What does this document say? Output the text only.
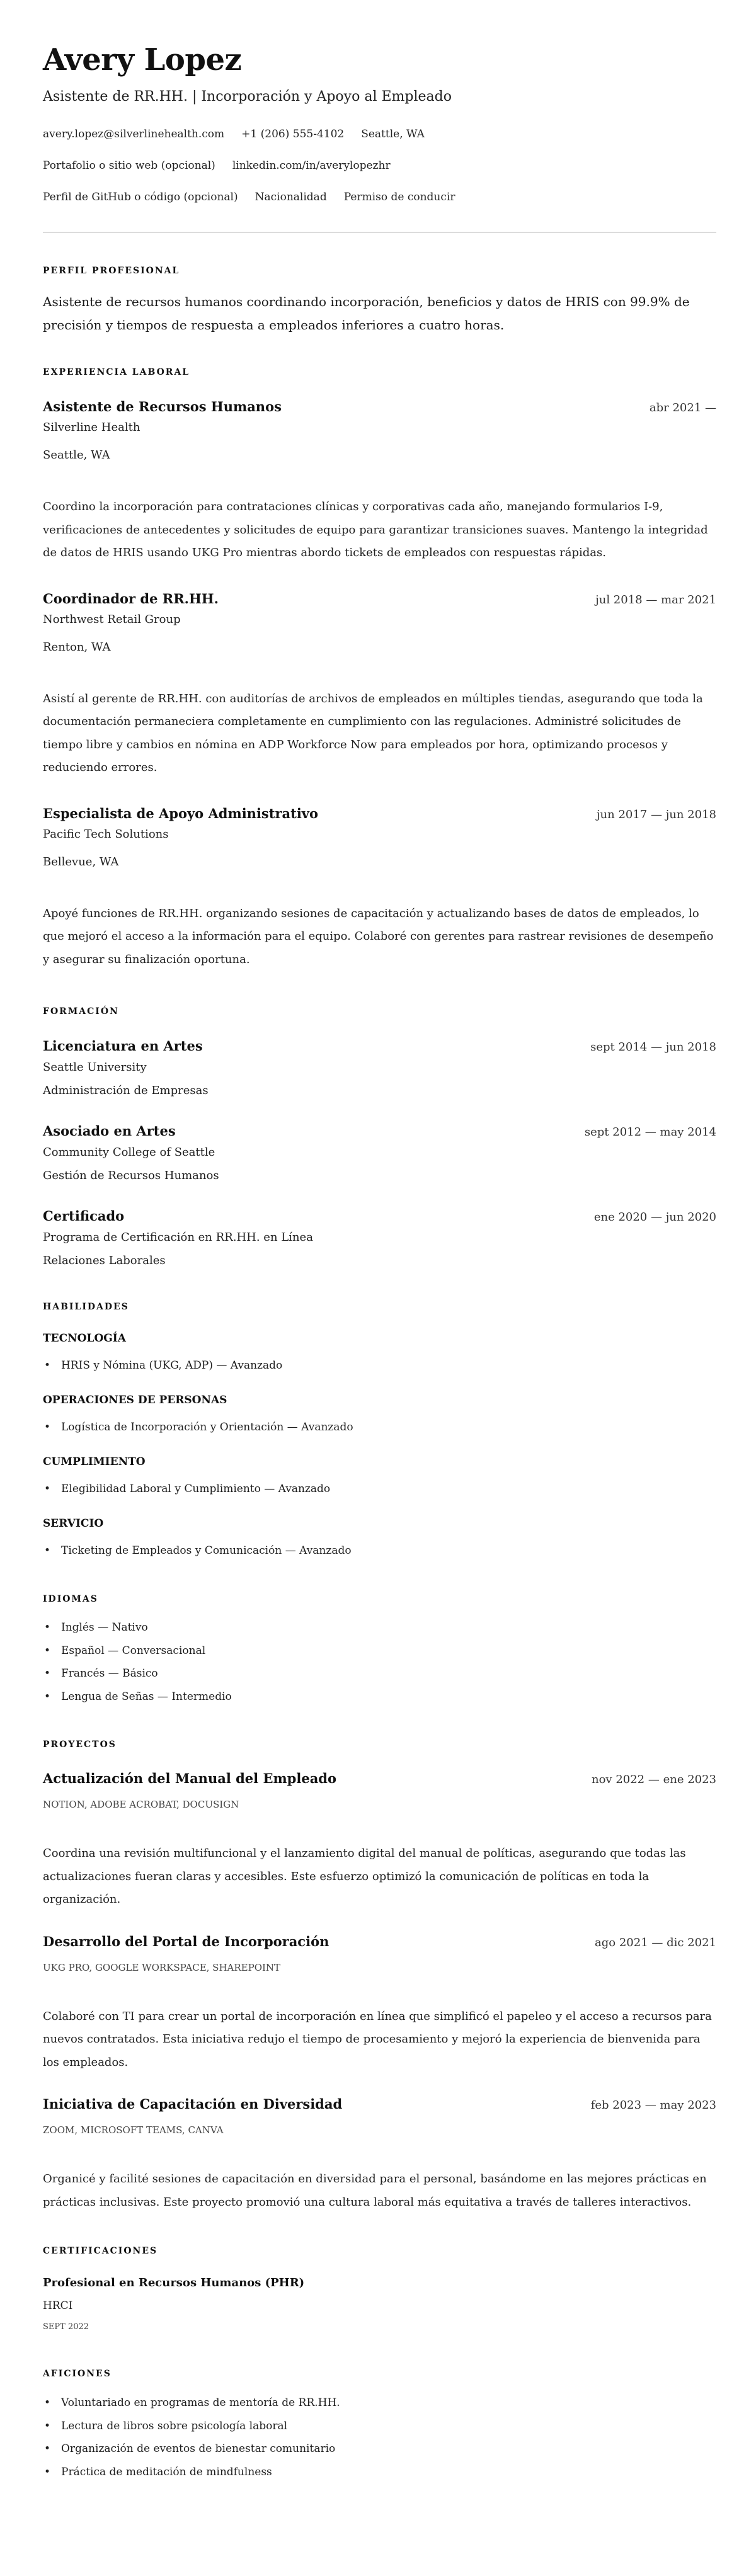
Avery Lopez
Asistente de RR.HH. | Incorporación y Apoyo al Empleado
avery.lopez@silverlinehealth.com +1 (206) 555-4102 Seattle, WA
Portafolio o sitio web (opcional) linkedin.com/in/averylopezhr
Perfil de GitHub o código (opcional) Nacionalidad Permiso de conducir
PERFIL PROFESIONAL
Asistente de recursos humanos coordinando incorporación, beneficios y datos de HRIS con 99.9% de precisión y tiempos de respuesta a empleados inferiores a cuatro horas.
EXPERIENCIA LABORAL
Asistente de Recursos Humanos	abr 2021 —
Silverline Health
Seattle, WA
Coordino la incorporación para contrataciones clínicas y corporativas cada año, manejando formularios I-9, verificaciones de antecedentes y solicitudes de equipo para garantizar transiciones suaves. Mantengo la integridad de datos de HRIS usando UKG Pro mientras abordo tickets de empleados con respuestas rápidas.
Coordinador de RR.HH.	jul 2018 — mar 2021
Northwest Retail Group
Renton, WA
Asistí al gerente de RR.HH. con auditorías de archivos de empleados en múltiples tiendas, asegurando que toda la documentación permaneciera completamente en cumplimiento con las regulaciones. Administré solicitudes de tiempo libre y cambios en nómina en ADP Workforce Now para empleados por hora, optimizando procesos y reduciendo errores.
Especialista de Apoyo Administrativo	jun 2017 — jun 2018
Pacific Tech Solutions
Bellevue, WA
Apoyé funciones de RR.HH. organizando sesiones de capacitación y actualizando bases de datos de empleados, lo que mejoró el acceso a la información para el equipo. Colaboré con gerentes para rastrear revisiones de desempeño y asegurar su finalización oportuna.
FORMACIÓN
Licenciatura en Artes	sept 2014 — jun 2018
Seattle University
Administración de Empresas
Asociado en Artes	sept 2012 — may 2014
Community College of Seattle
Gestión de Recursos Humanos
Certificado	ene 2020 — jun 2020
Programa de Certificación en RR.HH. en Línea
Relaciones Laborales
HABILIDADES
TECNOLOGÍA
• HRIS y Nómina (UKG, ADP) — Avanzado
OPERACIONES DE PERSONAS
• Logística de Incorporación y Orientación — Avanzado
CUMPLIMIENTO
• Elegibilidad Laboral y Cumplimiento — Avanzado
SERVICIO
• Ticketing de Empleados y Comunicación — Avanzado
IDIOMAS
• Inglés — Nativo
• Español — Conversacional
• Francés — Básico
• Lengua de Señas — Intermedio
PROYECTOS
Actualización del Manual del Empleado	nov 2022 — ene 2023
NOTION, ADOBE ACROBAT, DOCUSIGN
Coordina una revisión multifuncional y el lanzamiento digital del manual de políticas, asegurando que todas las actualizaciones fueran claras y accesibles. Este esfuerzo optimizó la comunicación de políticas en toda la organización.
Desarrollo del Portal de Incorporación	ago 2021 — dic 2021
UKG PRO, GOOGLE WORKSPACE, SHAREPOINT
Colaboré con TI para crear un portal de incorporación en línea que simplificó el papeleo y el acceso a recursos para nuevos contratados. Esta iniciativa redujo el tiempo de procesamiento y mejoró la experiencia de bienvenida para los empleados.
Iniciativa de Capacitación en Diversidad	feb 2023 — may 2023
ZOOM, MICROSOFT TEAMS, CANVA
Organicé y facilité sesiones de capacitación en diversidad para el personal, basándome en las mejores prácticas en prácticas inclusivas. Este proyecto promovió una cultura laboral más equitativa a través de talleres interactivos.
CERTIFICACIONES
Profesional en Recursos Humanos (PHR)
HRCI
SEPT 2022
AFICIONES
• Voluntariado en programas de mentoría de RR.HH.
• Lectura de libros sobre psicología laboral
• Organización de eventos de bienestar comunitario
• Práctica de meditación de mindfulness
